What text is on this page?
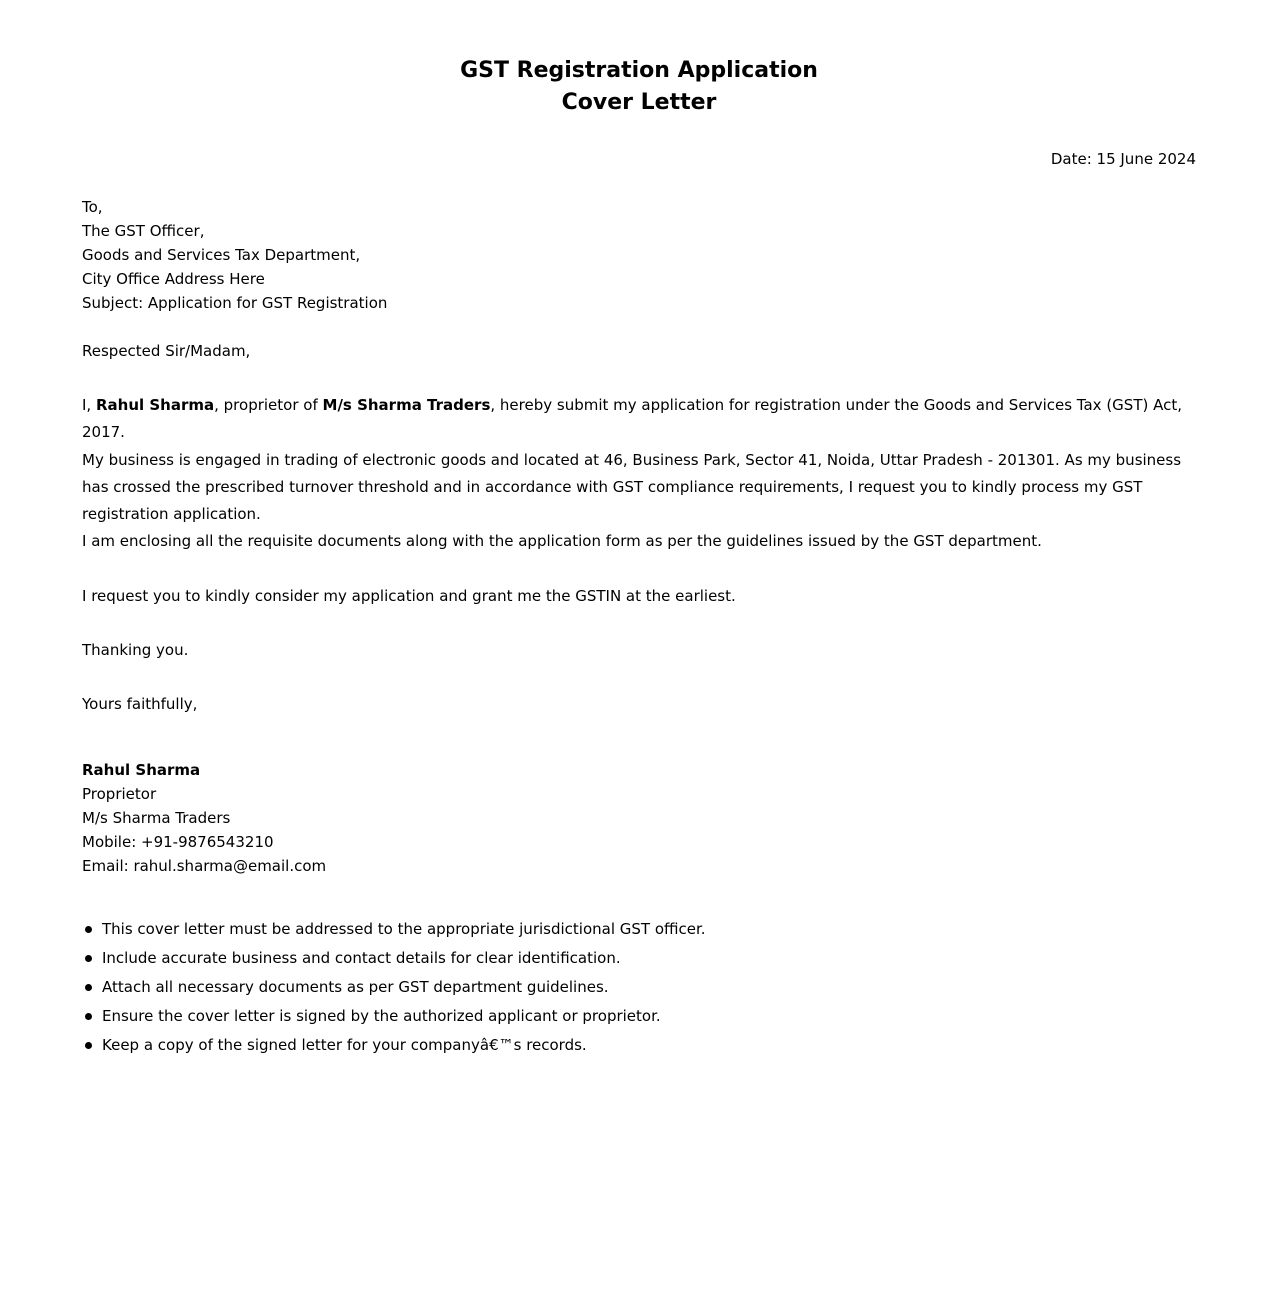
GST Registration Application
Cover Letter
Date: 15 June 2024
To,
The GST Officer,
Goods and Services Tax Department,
City Office Address Here
Subject: Application for GST Registration
Respected Sir/Madam,
I, Rahul Sharma, proprietor of M/s Sharma Traders, hereby submit my application for registration under the Goods and Services Tax (GST) Act, 2017.
My business is engaged in trading of electronic goods and located at 46, Business Park, Sector 41, Noida, Uttar Pradesh - 201301. As my business has crossed the prescribed turnover threshold and in accordance with GST compliance requirements, I request you to kindly process my GST registration application.
I am enclosing all the requisite documents along with the application form as per the guidelines issued by the GST department.
I request you to kindly consider my application and grant me the GSTIN at the earliest.
Thanking you.
Yours faithfully,
Rahul Sharma
Proprietor
M/s Sharma Traders
Mobile: +91-9876543210
Email: rahul.sharma@email.com
This cover letter must be addressed to the appropriate jurisdictional GST officer.
Include accurate business and contact details for clear identification.
Attach all necessary documents as per GST department guidelines.
Ensure the cover letter is signed by the authorized applicant or proprietor.
Keep a copy of the signed letter for your companyâ€™s records.
